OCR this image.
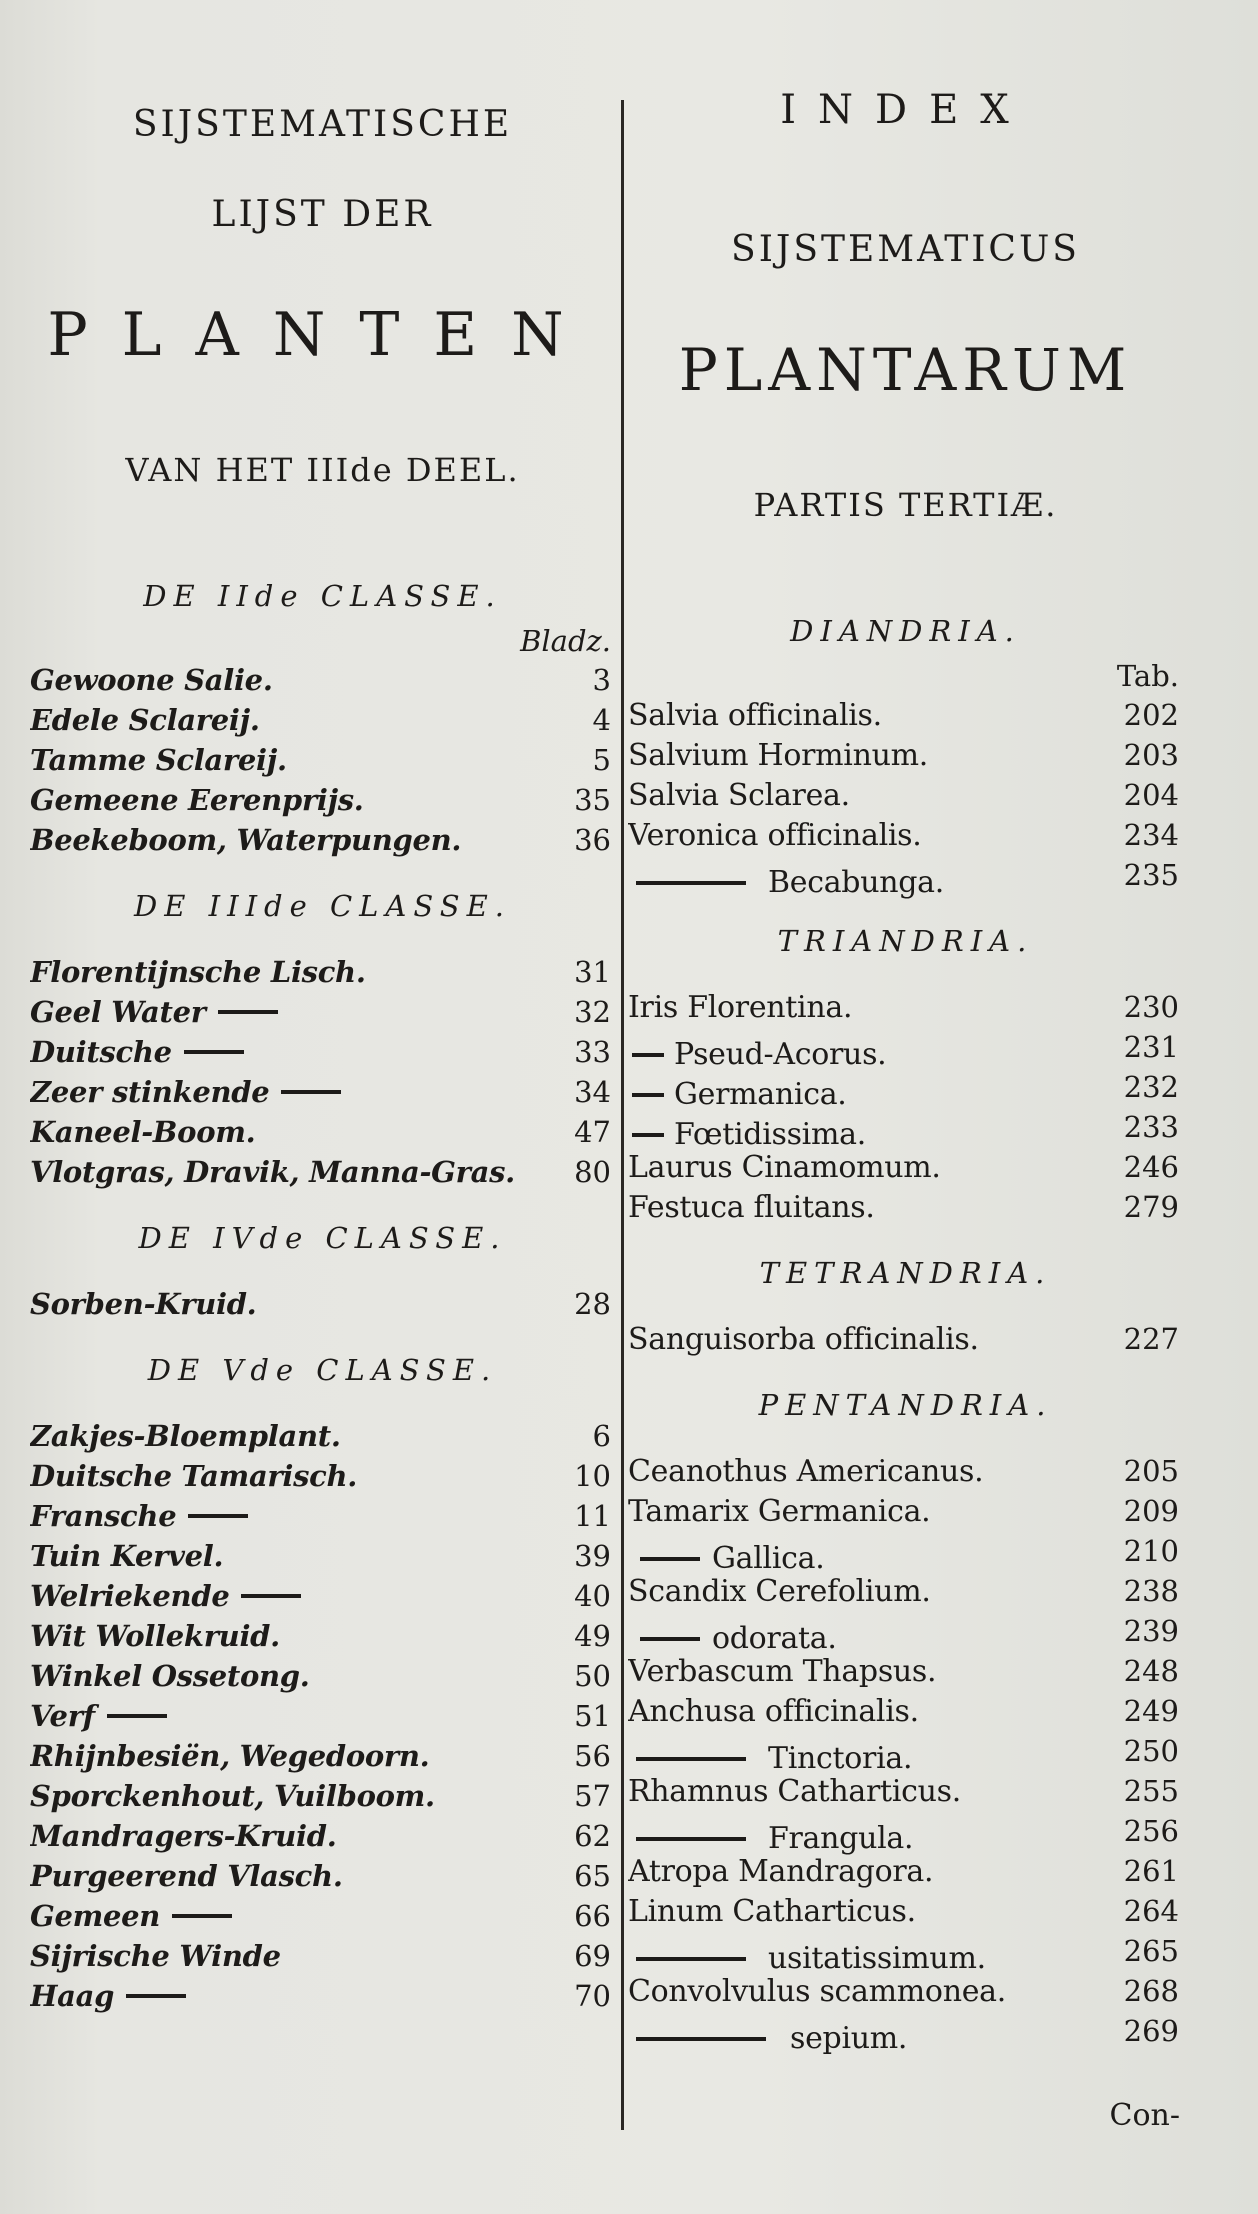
SIJSTEMATISCHE
LIJST DER
PLANTEN
VAN HET IIIde DEEL.
DE IIde CLASSE.
Bladz.
Gewoone Salie.	3
Edele Sclareij.	4
Tamme Sclareij.	5
Gemeene Eerenprijs.	35
Beekeboom, Waterpungen.	36
DE IIIde CLASSE.
Florentijnsche Lisch.	31
Geel Water	32
Duitsche	33
Zeer stinkende	34
Kaneel-Boom.	47
Vlotgras, Dravik, Manna-Gras.	80
DE IVde CLASSE.
Sorben-Kruid.	28
DE Vde CLASSE.
Zakjes-Bloemplant.	6
Duitsche Tamarisch.	10
Fransche	11
Tuin Kervel.	39
Welriekende	40
Wit Wollekruid.	49
Winkel Ossetong.	50
Verf	51
Rhijnbesiën, Wegedoorn.	56
Sporckenhout, Vuilboom.	57
Mandragers-Kruid.	62
Purgeerend Vlasch.	65
Gemeen	66
Sijrische Winde	69
Haag	70
INDEX
SIJSTEMATICUS
PLANTARUM
PARTIS TERTIÆ.
DIANDRIA.
Tab.
Salvia officinalis.	202
Salvium Horminum.	203
Salvia Sclarea.	204
Veronica officinalis.	234
Becabunga.	235
TRIANDRIA.
Iris Florentina.	230
Pseud-Acorus.	231
Germanica.	232
Fœtidissima.	233
Laurus Cinamomum.	246
Festuca fluitans.	279
TETRANDRIA.
Sanguisorba officinalis.	227
PENTANDRIA.
Ceanothus Americanus.	205
Tamarix Germanica.	209
Gallica.	210
Scandix Cerefolium.	238
odorata.	239
Verbascum Thapsus.	248
Anchusa officinalis.	249
Tinctoria.	250
Rhamnus Catharticus.	255
Frangula.	256
Atropa Mandragora.	261
Linum Catharticus.	264
usitatissimum.	265
Convolvulus scammonea.	268
sepium.	269
Con-
